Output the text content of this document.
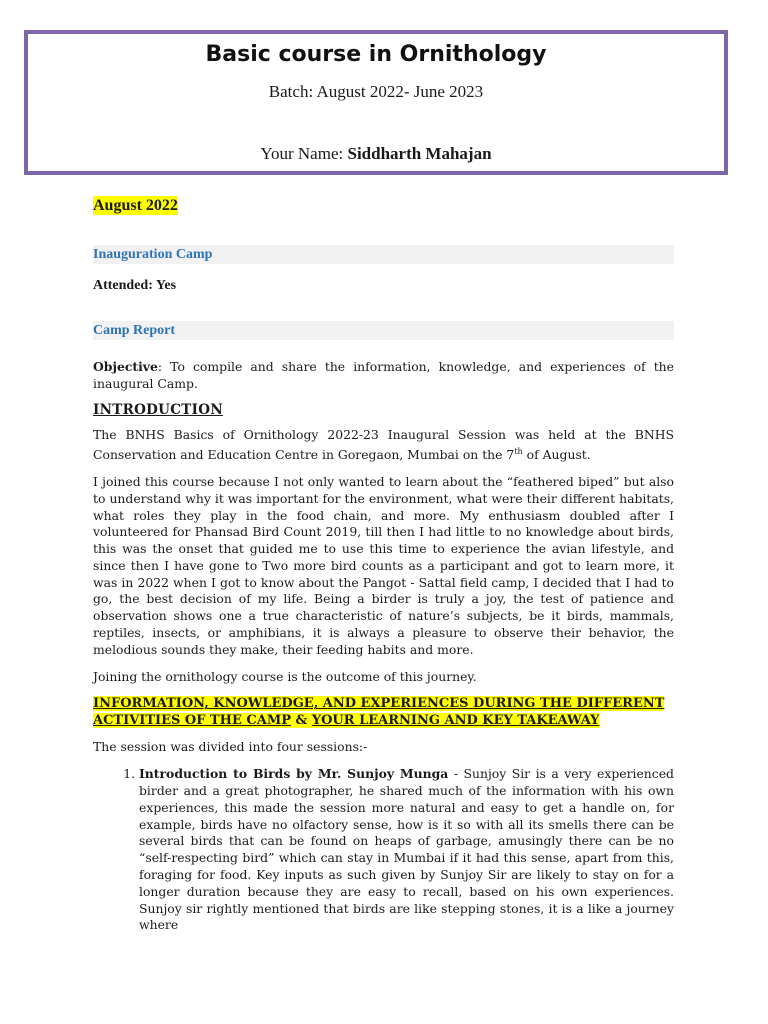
Basic course in Ornithology
Batch: August 2022- June 2023
Your Name: Siddharth Mahajan
August 2022
Inauguration Camp
Attended: Yes
Camp Report

Objective: To compile and share the information, knowledge, and experiences of the inaugural Camp.

INTRODUCTION

The BNHS Basics of Ornithology 2022-23 Inaugural Session was held at the BNHS Conservation and Education Centre in Goregaon, Mumbai on the 7th of August.

I joined this course because I not only wanted to learn about the “feathered biped” but also to understand why it was important for the environment, what were their different habitats, what roles they play in the food chain, and more. My enthusiasm doubled after I volunteered for Phansad Bird Count 2019, till then I had little to no knowledge about birds, this was the onset that guided me to use this time to experience the avian lifestyle, and since then I have gone to Two more bird counts as a participant and got to learn more, it was in 2022 when I got to know about the Pangot - Sattal field camp, I decided that I had to go, the best decision of my life. Being a birder is truly a joy, the test of patience and observation shows one a true characteristic of nature’s subjects, be it birds, mammals, reptiles, insects, or amphibians, it is always a pleasure to observe their behavior, the melodious sounds they make, their feeding habits and more.

Joining the ornithology course is the outcome of this journey.

INFORMATION, KNOWLEDGE, AND EXPERIENCES DURING THE DIFFERENT ACTIVITIES OF THE CAMP & YOUR LEARNING AND KEY TAKEAWAY

The session was divided into four sessions:-

1. Introduction to Birds by Mr. Sunjoy Munga - Sunjoy Sir is a very experienced birder and a great photographer, he shared much of the information with his own experiences, this made the session more natural and easy to get a handle on, for example, birds have no olfactory sense, how is it so with all its smells there can be several birds that can be found on heaps of garbage, amusingly there can be no “self-respecting bird” which can stay in Mumbai if it had this sense, apart from this, foraging for food. Key inputs as such given by Sunjoy Sir are likely to stay on for a longer duration because they are easy to recall, based on his own experiences. Sunjoy sir rightly mentioned that birds are like stepping stones, it is a like a journey where
